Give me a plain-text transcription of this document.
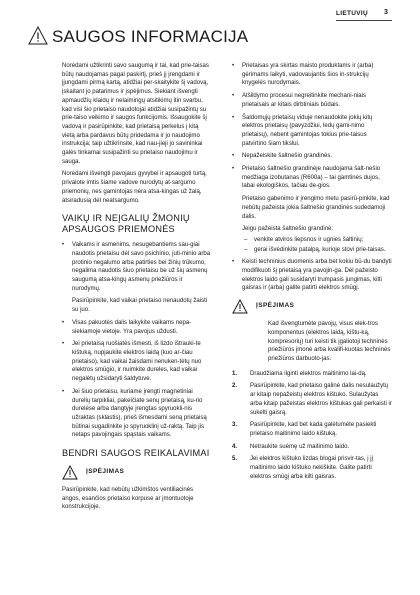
LIETUVIŲ 3
SAUGOS INFORMACIJA

Norėdami užtikrinti savo saugumą ir tai, kad prie-taisas būtų naudojamas pagal paskirtį, prieš jį įrengdami ir įjungdami pirmą kartą, atidžiai per-skaitykite šį vadovą, įskaitant jo patarimus ir įspėjimus. Siekiant išvengti apmaudžių klaidų ir nelaimingų atsitikimų itin svarbu, kad visi šio prietaiso naudotojai atidžiai susipažintų su prie-taiso veikimo ir saugos funkcijomis. Išsaugokite šį vadovą ir pasirūpinkite, kad prietaisą perkelus į kitą vietą arba pardavus būtų pridedama ir jo naudojimo instrukcija; taip užtikrinsite, kad nau-jieji jo savininkai galės tinkamai susipažinti su prietaiso naudojimu ir sauga.

Norėdami išvengti pavojaus gyvybei ir apsaugoti turtą, privalote imtis šiame vadove nurodytų at-sargumo priemonių, nes gamintojas nėra atsa-kingas už žalą, atsiradusią dėl neatsargumo.

VAIKŲ IR NEĮGALIŲ ŽMONIŲ APSAUGOS PRIEMONĖS
• Vaikams ir asmenims, nesugebantiems sau-giai naudotis prietaisu dėl savo psichinio, juti-minio arba protinio negalumo arba patirties bei žinių trūkumo, negalima naudotis šiuo prietaisu be už šių asmenų saugumą atsa-kingų asmenų priežiūros ir nurodymų.

Pasirūpinkite, kad vaikai prietaiso nenaudotų žaisti su juo.

• Visas pakuotės dalis laikykite vaikams nepa-siekiamoje vietoje. Yra pavojus uždusti.
• Jei prietaisą ruošiatės išmesti, iš lizdo ištrauki-te kištuką, nupjaukite elektros laidą (kuo ar-čiau prietaiso), kad vaikai žaisdami nenuken-tėtų nuo elektros smūgio, ir nuimkite dureles, kad vaikai negalėtų užsidaryti šaldytuve.
• Jei šiuo prietaisu, kuriame įrengti magnetiniai durelių tarpikliai, pakeičiate senų prietaisą, ku-rio durelėse arba dangtyje įrengtas spyruokli-nis užraktas (sklastis), prieš išmesdami seną prietaisą būtinai sugadinkite jo spyruoklinį už-raktą. Taip jis netaps pavojingais spąstais vaikams.
BENDRI SAUGOS REIKALAVIMAI
ĮSPĖJIMAS

Pasirūpinkite, kad nebūtų užkimštos ventiliacinės angos, esančios prietaiso korpuse ar įmontuotoje konstrukcijoje.

• Prietaisas yra skirtas maisto produktams ir (arba) gėrimams laikyti, vadovaujantis šios in-strukcijų knygelės nurodymais.
• Atšildymo procesui negreitinkite mechani-niais prietaisais ar kitais dirbtiniais būdais.
• Šaldomųjų prietaisų viduje nenaudokite jokių kitų elektros prietaisų (pavyzdžiui, ledų gami-nimo prietaisų), nebent gamintojas tokius prie-taisus patvirtino šiam tikslui.
• Nepažeiskite šaltnešio grandinės.
• Prietaiso šaltnešio grandinėje naudojama šalt-nešio medžiaga izobutanas (R600a) – tai gamtinės dujos, labai ekologiškos, tačiau de-gios.

Prietaiso gabenimo ir įrengimo metu pasirū-pinkite, kad nebūtų pažeista jokia šaltnešio grandinės sudedamoji dalis.

Jeigu pažeista šaltnešio grandinė:

– venkite atviros liepsnos ir ugnies šaltinių;
– gerai išvėdinkite patalpą, kurioje stovi prie-taisas.
• Keisti techninius duomenis arba bet kokiu bū-du bandyti modifikuoti šį prietaisą yra pavojin-ga. Dėl pažeisto elektros laido gali susidaryti trumpasis jungimas, kilti gaisras ir (arba) galite patirti elektros smūgį.
ĮSPĖJIMAS

Kad išvengtumėte pavojų, visus elek-tros komponentus (elektros laidą, kištu-ką, kompresorių) turi keisti tik įgaliotoji techninės priežiūros įmonė arba kvalifi-kuotas techninės priežiūros darbuoto-jas.

1. Draudžiama ilginti elektros maitinimo lai-dą.
2. Pasirūpinkite, kad prietaiso galinė dalis nesulaužytų ar kitaip nepažeistų elektros kištuko. Sulaužytas arba kitaip pažeistas elektros kištukas gali perkaisti ir sukelti gaisrą.
3. Pasirūpinkite, kad bet kada galėtumėte pasiekti prietaiso maitinimo laido kištuką.
4. Netraukite suėmę už maitinimo laido.
5. Jei elektros kištuko lizdas blogai prisvir-tas, į jį maitinimo laido kištuko nekiškite. Galite patirti elektros smūgį arba kilti gaisras.
